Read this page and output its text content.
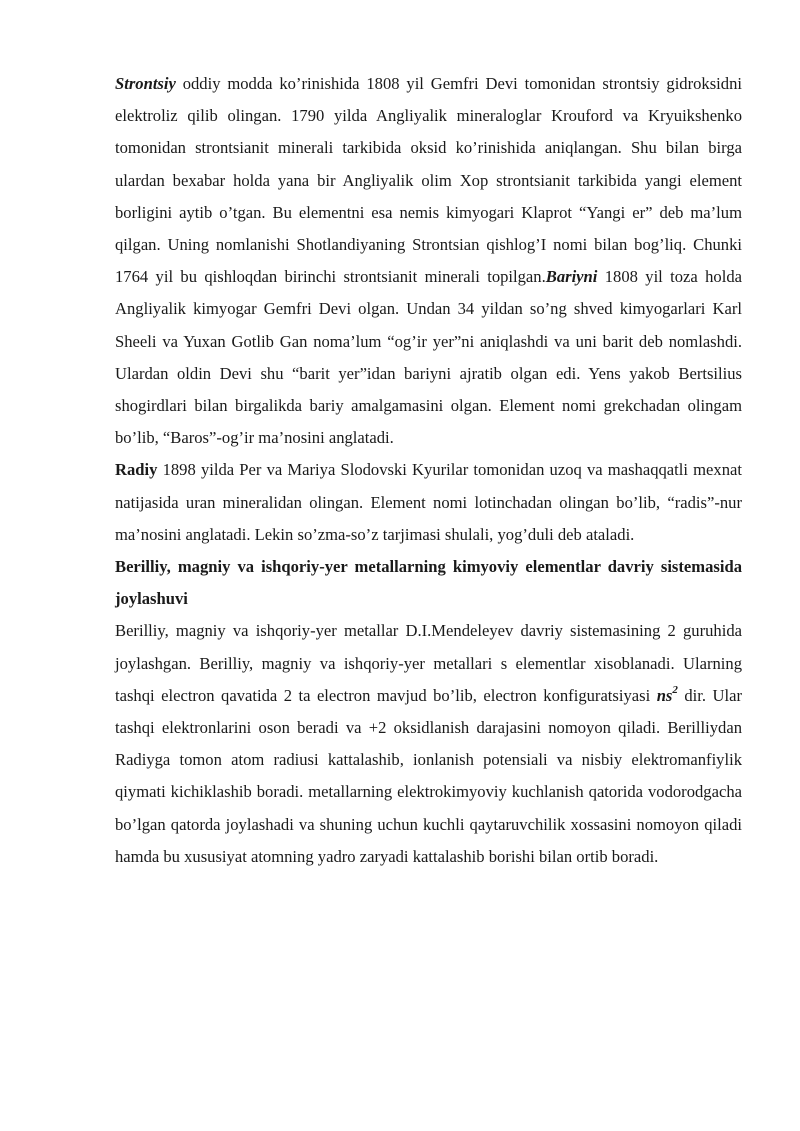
Strontsiy oddiy modda ko’rinishida 1808 yil Gemfri Devi tomonidan strontsiy gidroksidni elektroliz qilib olingan. 1790 yilda Angliyalik mineraloglar Krouford va Kryuikshenko tomonidan strontsianit minerali tarkibida oksid ko’rinishida aniqlangan. Shu bilan birga ulardan bexabar holda yana bir Angliyalik olim Xop strontsianit tarkibida yangi element borligini aytib o’tgan. Bu elementni esa nemis kimyogari Klaprot “Yangi er” deb ma’lum qilgan. Uning nomlanishi Shotlandiyaning Strontsian qishlog’I nomi bilan bog’liq. Chunki 1764 yil bu qishloqdan birinchi strontsianit minerali topilgan.Bariyni 1808 yil toza holda Angliyalik kimyogar Gemfri Devi olgan. Undan 34 yildan so’ng shved kimyogarlari Karl Sheeli va Yuxan Gotlib Gan noma’lum “og’ir yer”ni aniqlashdi va uni barit deb nomlashdi. Ulardan oldin Devi shu “barit yer”idan bariyni ajratib olgan edi. Yens yakob Bertsilius shogirdlari bilan birgalikda bariy amalgamasini olgan. Element nomi grekchadan olingam bo’lib, “Baros”-og’ir ma’nosini anglatadi.

Radiy 1898 yilda Per va Mariya Slodovski Kyurilar tomonidan uzoq va mashaqqatli mexnat natijasida uran mineralidan olingan. Element nomi lotinchadan olingan bo’lib, “radis”-nur ma’nosini anglatadi. Lekin so’zma-so’z tarjimasi shulali, yog’duli deb ataladi.

Berilliy, magniy va ishqoriy-yer metallarning kimyoviy elementlar davriy sistemasida joylashuvi

Berilliy, magniy va ishqoriy-yer metallar D.I.Mendeleyev davriy sistemasining 2 guruhida joylashgan. Berilliy, magniy va ishqoriy-yer metallari s elementlar xisoblanadi. Ularning tashqi electron qavatida 2 ta electron mavjud bo’lib, electron konfiguratsiyasi $ns^2$ dir. Ular tashqi elektronlarini oson beradi va +2 oksidlanish darajasini nomoyon qiladi. Berilliydan Radiyga tomon atom radiusi kattalashib, ionlanish potensiali va nisbiy elektromanfiylik qiymati kichiklashib boradi. metallarning elektrokimyoviy kuchlanish qatorida vodorodgacha bo’lgan qatorda joylashadi va shuning uchun kuchli qaytaruvchilik xossasini nomoyon qiladi hamda bu xususiyat atomning yadro zaryadi kattalashib borishi bilan ortib boradi.
